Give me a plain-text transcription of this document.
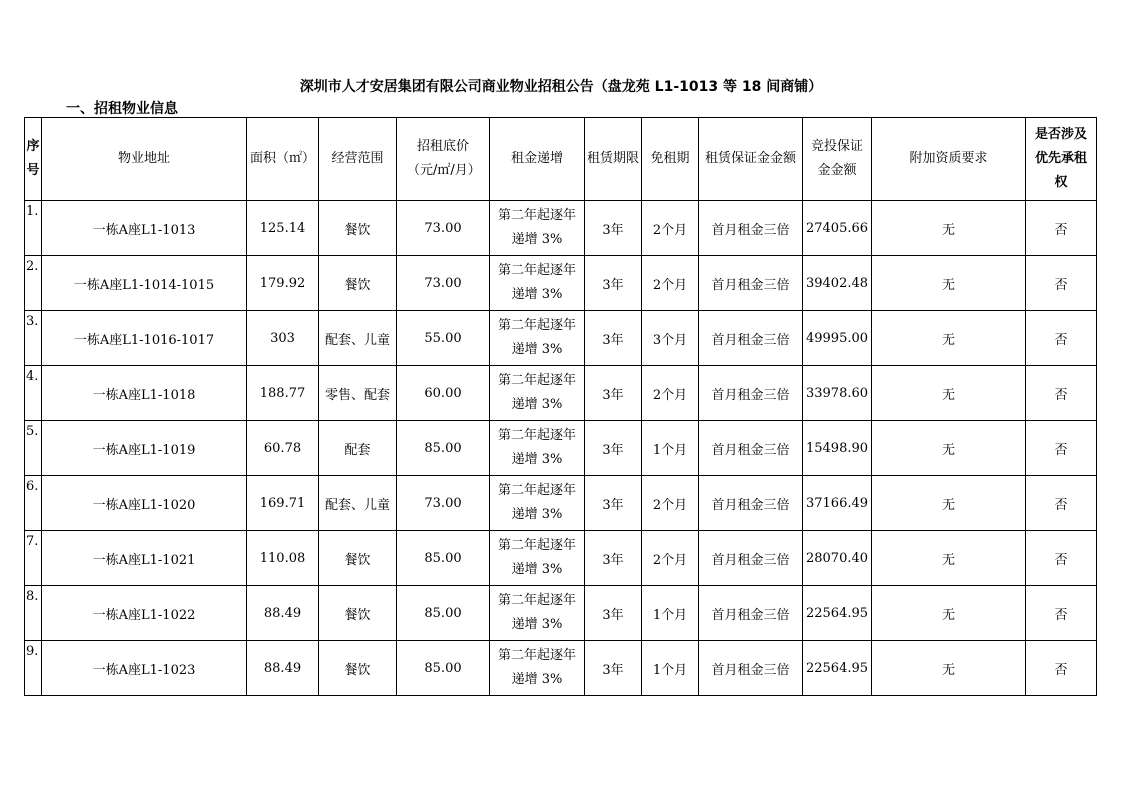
深圳市人才安居集团有限公司商业物业招租公告（盘龙苑 L1-1013 等 18 间商铺）
一、招租物业信息
序号	物业地址	面积（㎡）	经营范围	招租底价（元/㎡/月）	租金递增	租赁期限	免租期	租赁保证金金额	竞投保证金金额	附加资质要求	是否涉及优先承租权
1.	一栋A座L1-1013	125.14	餐饮	73.00	第二年起逐年递增 3%	3年	2个月	首月租金三倍	27405.66	无	否
2.	一栋A座L1-1014-1015	179.92	餐饮	73.00	第二年起逐年递增 3%	3年	2个月	首月租金三倍	39402.48	无	否
3.	一栋A座L1-1016-1017	303	配套、儿童	55.00	第二年起逐年递增 3%	3年	3个月	首月租金三倍	49995.00	无	否
4.	一栋A座L1-1018	188.77	零售、配套	60.00	第二年起逐年递增 3%	3年	2个月	首月租金三倍	33978.60	无	否
5.	一栋A座L1-1019	60.78	配套	85.00	第二年起逐年递增 3%	3年	1个月	首月租金三倍	15498.90	无	否
6.	一栋A座L1-1020	169.71	配套、儿童	73.00	第二年起逐年递增 3%	3年	2个月	首月租金三倍	37166.49	无	否
7.	一栋A座L1-1021	110.08	餐饮	85.00	第二年起逐年递增 3%	3年	2个月	首月租金三倍	28070.40	无	否
8.	一栋A座L1-1022	88.49	餐饮	85.00	第二年起逐年递增 3%	3年	1个月	首月租金三倍	22564.95	无	否
9.	一栋A座L1-1023	88.49	餐饮	85.00	第二年起逐年递增 3%	3年	1个月	首月租金三倍	22564.95	无	否
